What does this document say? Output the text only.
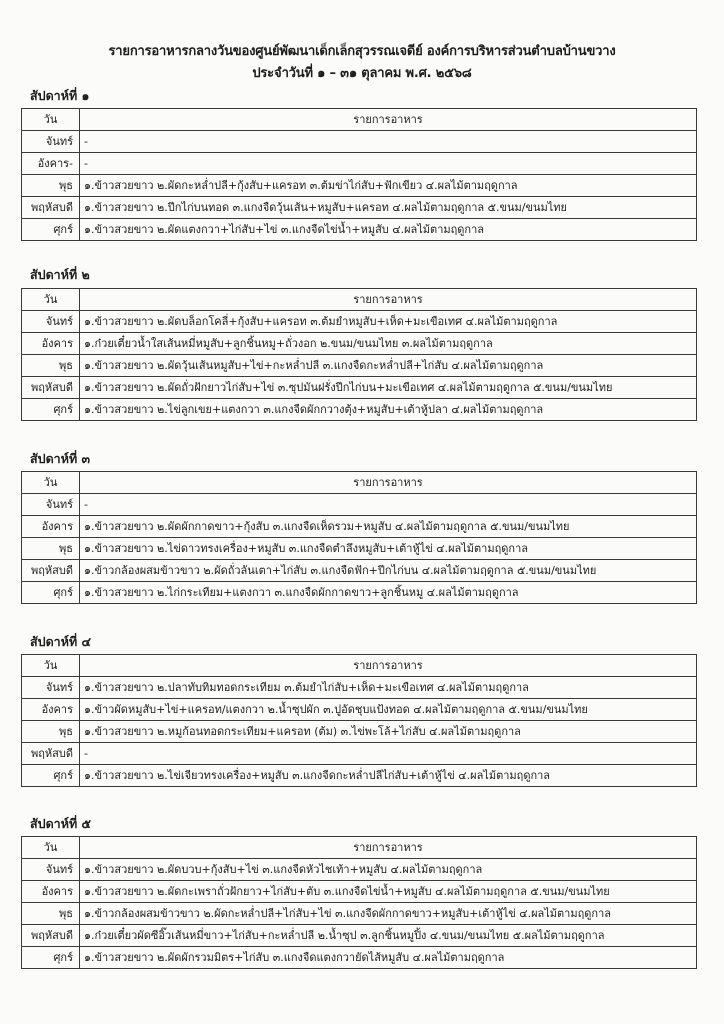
รายการอาหารกลางวันของศูนย์พัฒนาเด็กเล็กสุวรรณเจดีย์ องค์การบริหารส่วนตำบลบ้านขวาง
ประจำวันที่ ๑ – ๓๑ ตุลาคม พ.ศ. ๒๕๖๘
สัปดาห์ที่ ๑
วัน	รายการอาหาร
จันทร์	-
อังคาร-	-
พุธ	๑.ข้าวสวยขาว ๒.ผัดกะหล่ำปลี+กุ้งสับ+แครอท ๓.ต้มข่าไก่สับ+ฟักเขียว ๔.ผลไม้ตามฤดูกาล
พฤหัสบดี	๑.ข้าวสวยขาว ๒.ปีกไก่บนทอด ๓.แกงจืดวุ้นเส้น+หมูสับ+แครอท ๔.ผลไม้ตามฤดูกาล ๕.ขนม/ขนมไทย
ศุกร์	๑.ข้าวสวยขาว ๒.ผัดแตงกวา+ไก่สับ+ไข่ ๓.แกงจืดไข่น้ำ+หมูสับ ๔.ผลไม้ตามฤดูกาล
สัปดาห์ที่ ๒
วัน	รายการอาหาร
จันทร์	๑.ข้าวสวยขาว ๒.ผัดบล็อกโคลี่+กุ้งสับ+แครอท ๓.ต้มยำหมูสับ+เห็ด+มะเขือเทศ ๔.ผลไม้ตามฤดูกาล
อังคาร	๑.ก๋วยเตี๋ยวน้ำใสเส้นหมี่หมูสับ+ลูกชิ้นหมู+ถั่วงอก ๒.ขนม/ขนมไทย ๓.ผลไม้ตามฤดูกาล
พุธ	๑.ข้าวสวยขาว ๒.ผัดวุ้นเส้นหมูสับ+ไข่+กะหล่ำปลี ๓.แกงจืดกะหล่ำปลี+ไก่สับ ๔.ผลไม้ตามฤดูกาล
พฤหัสบดี	๑.ข้าวสวยขาว ๒.ผัดถั่วฝักยาวไก่สับ+ไข่ ๓.ซุปมันฝรั่งปีกไก่บน+มะเขือเทศ ๔.ผลไม้ตามฤดูกาล ๕.ขนม/ขนมไทย
ศุกร์	๑.ข้าวสวยขาว ๒.ไข่ลูกเขย+แตงกวา ๓.แกงจืดผักกวางตุ้ง+หมูสับ+เต้าหู้ปลา ๔.ผลไม้ตามฤดูกาล
สัปดาห์ที่ ๓
วัน	รายการอาหาร
จันทร์	-
อังคาร	๑.ข้าวสวยขาว ๒.ผัดผักกาดขาว+กุ้งสับ ๓.แกงจืดเห็ดรวม+หมูสับ ๔.ผลไม้ตามฤดูกาล ๕.ขนม/ขนมไทย
พุธ	๑.ข้าวสวยขาว ๒.ไข่ดาวทรงเครื่อง+หมูสับ ๓.แกงจืดตำลึงหมูสับ+เต้าหู้ไข่ ๔.ผลไม้ตามฤดูกาล
พฤหัสบดี	๑.ข้าวกล้องผสมข้าวขาว ๒.ผัดถั่วลันเตา+ไก่สับ ๓.แกงจืดฟัก+ปีกไก่บน ๔.ผลไม้ตามฤดูกาล ๕.ขนม/ขนมไทย
ศุกร์	๑.ข้าวสวยขาว ๒.ไก่กระเทียม+แตงกวา ๓.แกงจืดผักกาดขาว+ลูกชิ้นหมู ๔.ผลไม้ตามฤดูกาล
สัปดาห์ที่ ๔
วัน	รายการอาหาร
จันทร์	๑.ข้าวสวยขาว ๒.ปลาทับทิมทอดกระเทียม ๓.ต้มยำไก่สับ+เห็ด+มะเขือเทศ ๔.ผลไม้ตามฤดูกาล
อังคาร	๑.ข้าวผัดหมูสับ+ไข่+แครอท/แตงกวา ๒.น้ำซุปผัก ๓.ปูอัดชุบแป้งทอด ๔.ผลไม้ตามฤดูกาล ๕.ขนม/ขนมไทย
พุธ	๑.ข้าวสวยขาว ๒.หมูก้อนทอดกระเทียม+แครอท (ต้ม) ๓.ไข่พะโล้+ไก่สับ ๔.ผลไม้ตามฤดูกาล
พฤหัสบดี	-
ศุกร์	๑.ข้าวสวยขาว ๒.ไข่เจียวทรงเครื่อง+หมูสับ ๓.แกงจืดกะหล่ำปลีไก่สับ+เต้าหู้ไข่ ๔.ผลไม้ตามฤดูกาล
สัปดาห์ที่ ๕
วัน	รายการอาหาร
จันทร์	๑.ข้าวสวยขาว ๒.ผัดบวบ+กุ้งสับ+ไข่ ๓.แกงจืดหัวไชเท้า+หมูสับ ๔.ผลไม้ตามฤดูกาล
อังคาร	๑.ข้าวสวยขาว ๒.ผัดกะเพราถั่วฝักยาว+ไก่สับ+ตับ ๓.แกงจืดไข่น้ำ+หมูสับ ๔.ผลไม้ตามฤดูกาล ๕.ขนม/ขนมไทย
พุธ	๑.ข้าวกล้องผสมข้าวขาว ๒.ผัดกะหล่ำปลี+ไก่สับ+ไข่ ๓.แกงจืดผักกาดขาว+หมูสับ+เต้าหู้ไข่ ๔.ผลไม้ตามฤดูกาล
พฤหัสบดี	๑.ก๋วยเตี๋ยวผัดซีอิ๊วเส้นหมี่ขาว+ไก่สับ+กะหล่ำปลี ๒.น้ำซุป ๓.ลูกชิ้นหมูปิ้ง ๔.ขนม/ขนมไทย ๕.ผลไม้ตามฤดูกาล
ศุกร์	๑.ข้าวสวยขาว ๒.ผัดผักรวมมิตร+ไก่สับ ๓.แกงจืดแตงกวายัดไส้หมูสับ ๔.ผลไม้ตามฤดูกาล
